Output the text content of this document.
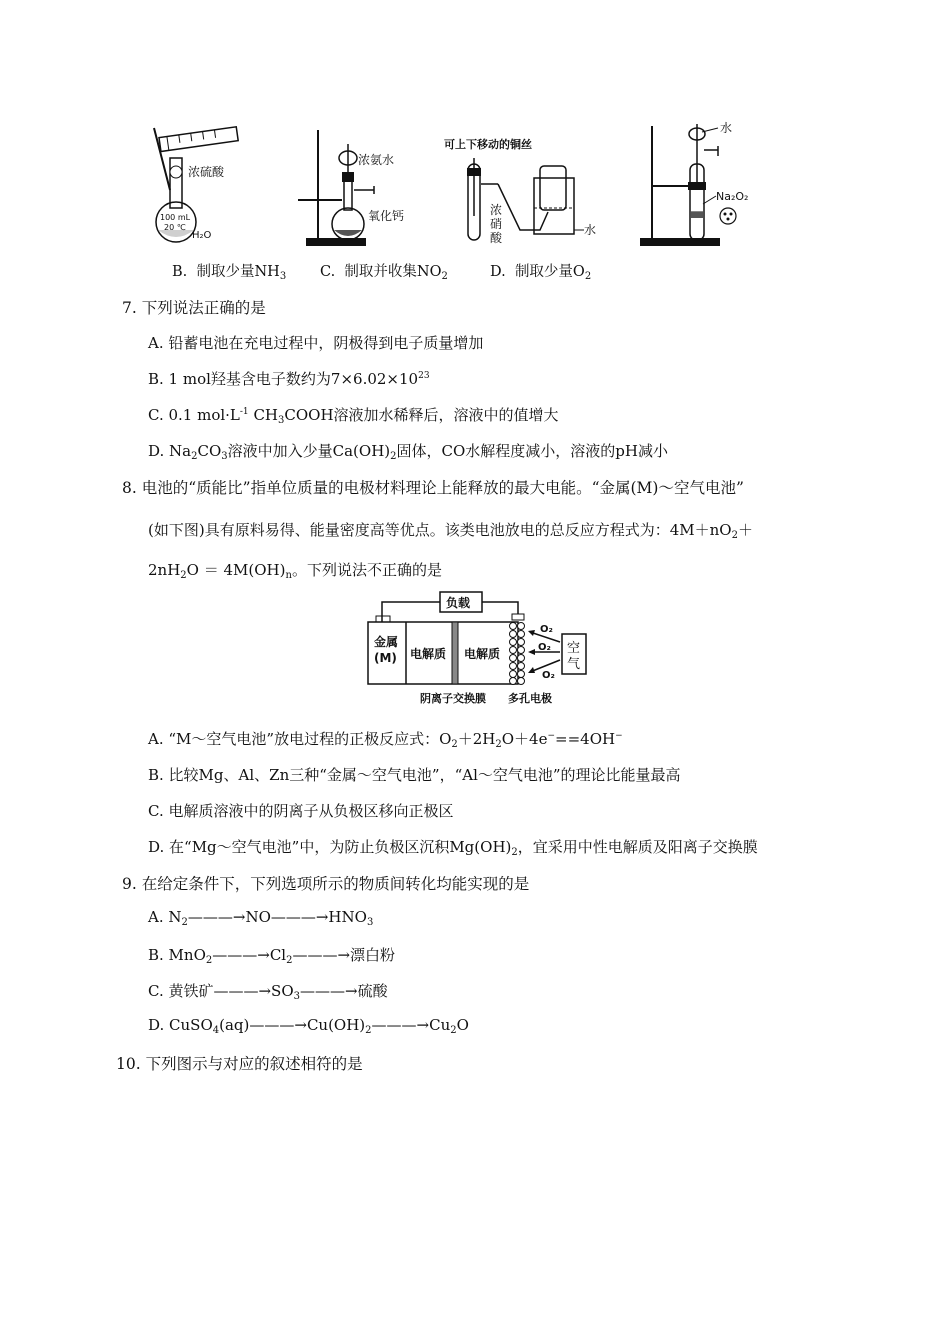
浓硫酸
100 mL
20 ℃
H₂O
浓氨水
氧化钙
可上下移动的铜丝
浓
硝
酸
水
水
Na₂O₂
B. 制取少量$NH_3$ C. 制取并收集$NO_2$	D. 制取少量$O_2$
7. 下列说法正确的是
A. 铅蓄电池在充电过程中，阴极得到电子质量增加
B. 1 mol羟基含电子数约为$7\times 6.02\times 10^{23}$
C. 0.1 $mol\cdot L^{-1}$ $CH_3COOH$溶液加水稀释后，溶液中的值增大
D. $Na_2CO_3$溶液中加入少量$Ca(OH)_2$固体，CO水解程度减小，溶液的pH减小
8. 电池的“质能比”指单位质量的电极材料理论上能释放的最大电能。“金属(M)～空气电池”
(如下图)具有原料易得、能量密度高等优点。该类电池放电的总反应方程式为：$4M+nO_2+$
$2nH_2O = 4M(OH)_n$。下列说法不正确的是
负载
金属
(M) 电解质 电解质
O₂
O₂
O₂
空
气
阴离子交换膜 多孔电极
A. “M～空气电池”放电过程的正极反应式：$O_2+2H_2O+4e^-==4OH^-$
B. 比较Mg、Al、Zn三种“金属～空气电池”，“Al～空气电池”的理论比能量最高
C. 电解质溶液中的阴离子从负极区移向正极区
D. 在“Mg～空气电池”中，为防止负极区沉积$Mg(OH)_2$，宜采用中性电解质及阳离子交换膜
9. 在给定条件下，下列选项所示的物质间转化均能实现的是
A. $N_2———\to NO———\to HNO_3$
B. $MnO_2———\to Cl_2———\to$漂白粉
C. 黄铁矿$———\to SO_3———\to$硫酸
D. $CuSO_4(aq)———\to Cu(OH)_2———\to Cu_2O$
10. 下列图示与对应的叙述相符的是
